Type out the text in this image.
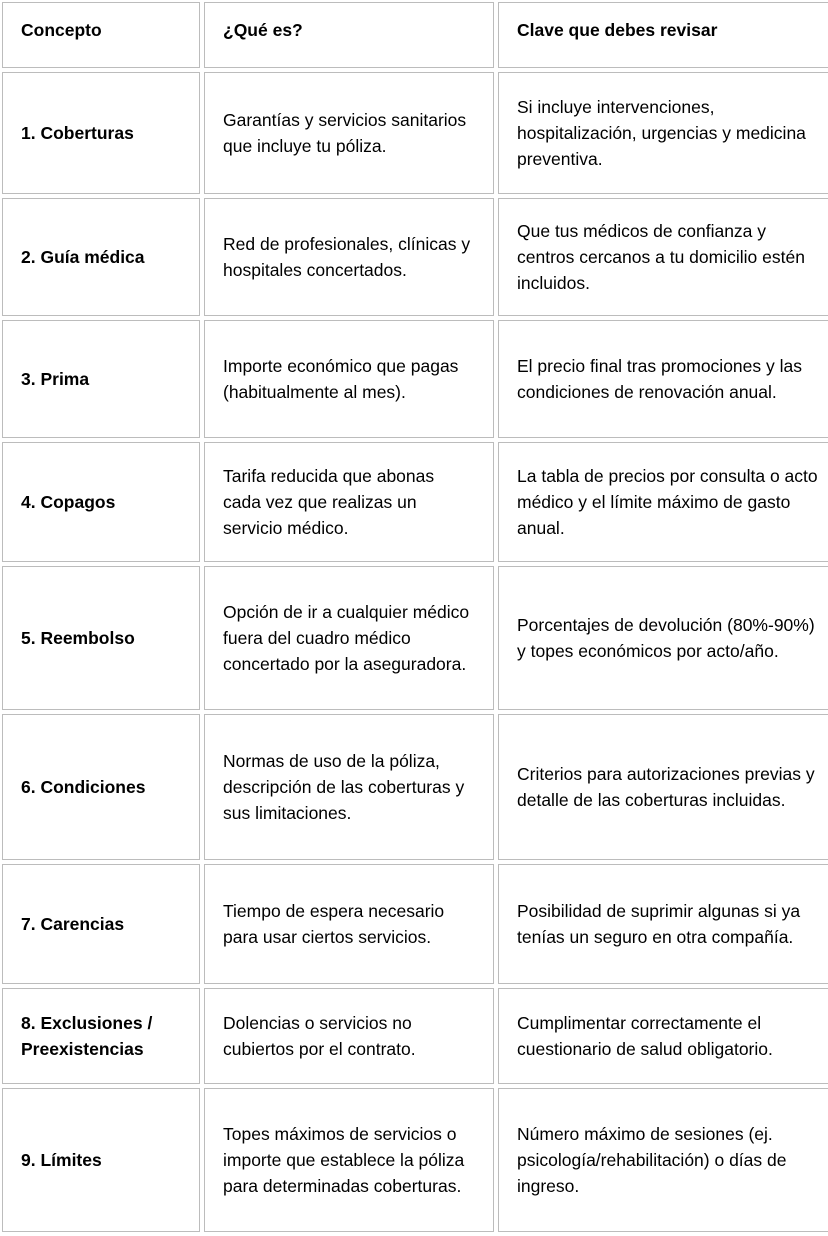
Concepto	¿Qué es?	Clave que debes revisar
1. Coberturas	Garantías y servicios sanitarios que incluye tu póliza.	Si incluye intervenciones, hospitalización, urgencias y medicina preventiva.
2. Guía médica	Red de profesionales, clínicas y hospitales concertados.	Que tus médicos de confianza y centros cercanos a tu domicilio estén incluidos.
3. Prima	Importe económico que pagas (habitualmente al mes).	El precio final tras promociones y las condiciones de renovación anual.
4. Copagos	Tarifa reducida que abonas cada vez que realizas un servicio médico.	La tabla de precios por consulta o acto médico y el límite máximo de gasto anual.
5. Reembolso	Opción de ir a cualquier médico fuera del cuadro médico concertado por la aseguradora.	Porcentajes de devolución (80%-90%) y topes económicos por acto/año.
6. Condiciones	Normas de uso de la póliza, descripción de las coberturas y sus limitaciones.	Criterios para autorizaciones previas y detalle de las coberturas incluidas.
7. Carencias	Tiempo de espera necesario para usar ciertos servicios.	Posibilidad de suprimir algunas si ya tenías un seguro en otra compañía.
8. Exclusiones / Preexistencias	Dolencias o servicios no cubiertos por el contrato.	Cumplimentar correctamente el cuestionario de salud obligatorio.
9. Límites	Topes máximos de servicios o importe que establece la póliza para determinadas coberturas.	Número máximo de sesiones (ej. psicología/rehabilitación) o días de ingreso.
